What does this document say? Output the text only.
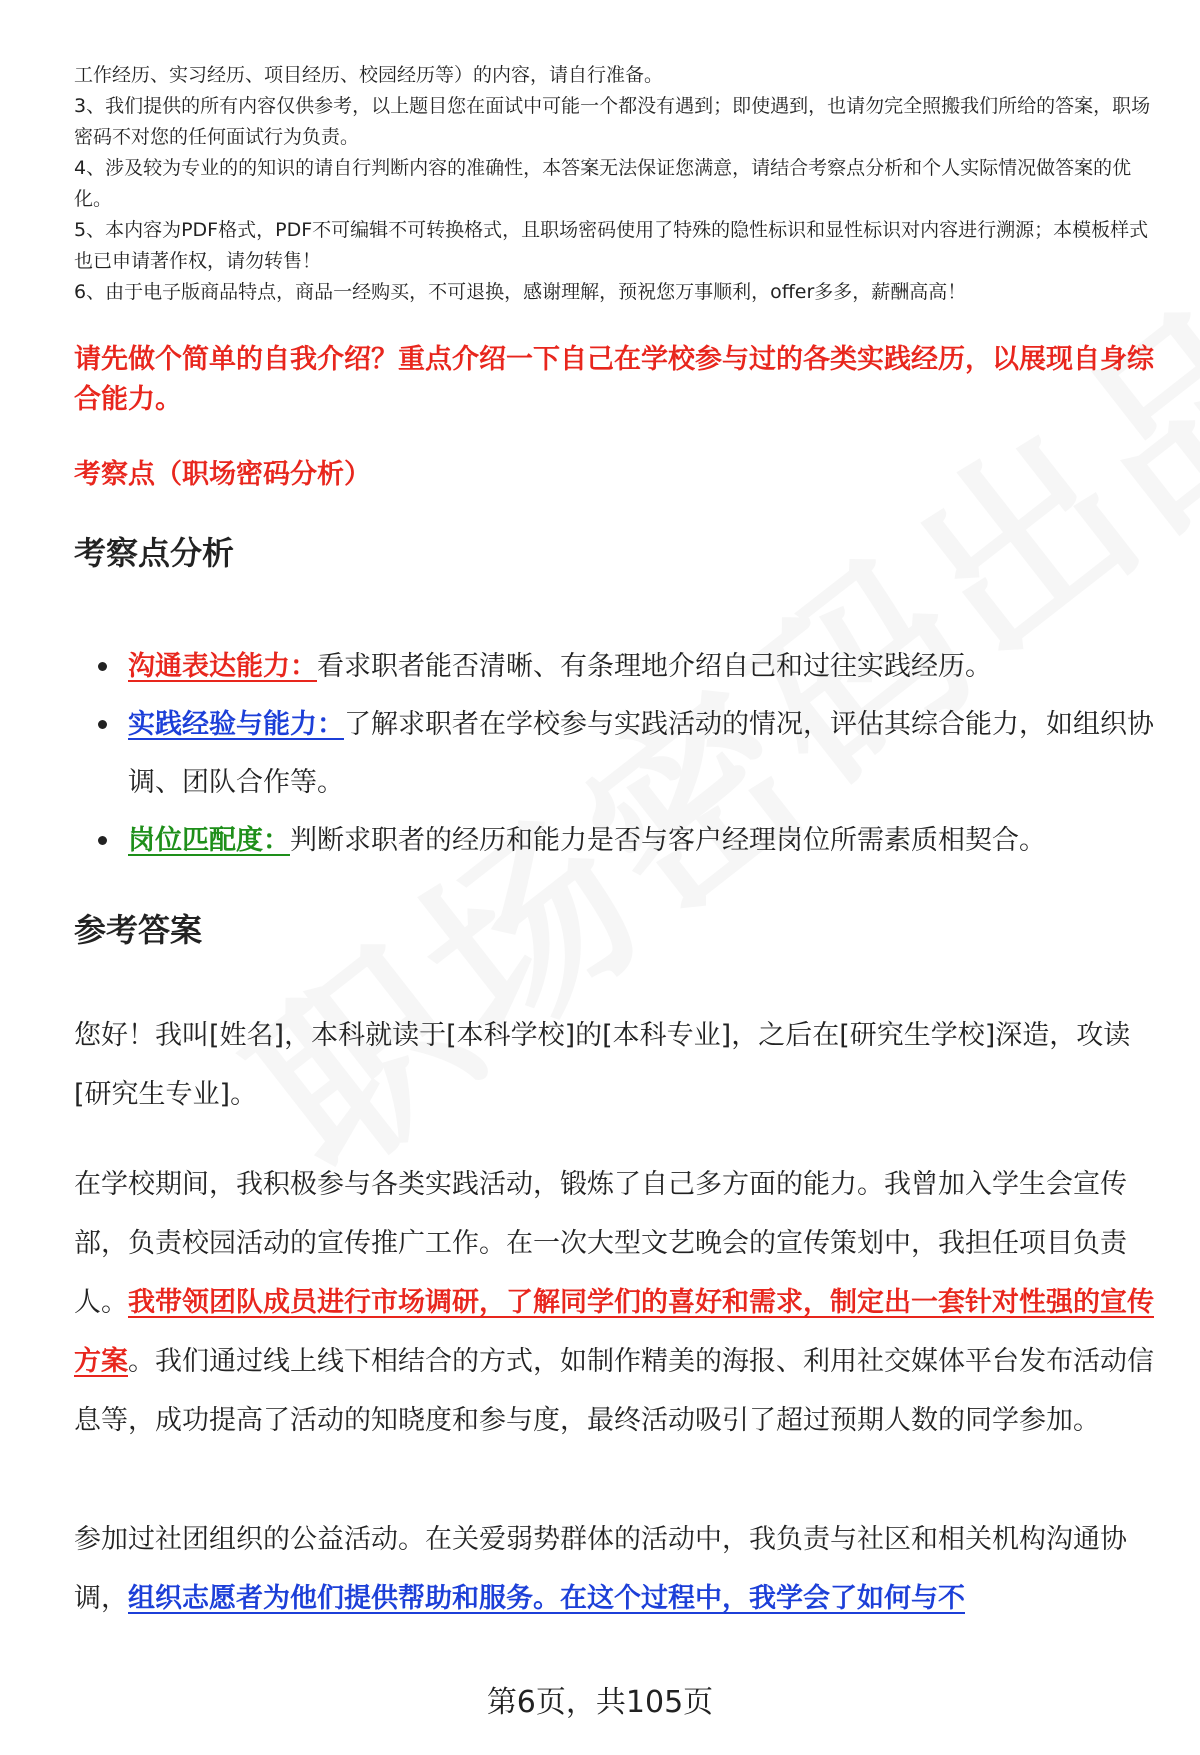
工作经历、实习经历、项目经历、校园经历等）的内容，请自行准备。

3、我们提供的所有内容仅供参考，以上题目您在面试中可能一个都没有遇到；即使遇到，也请勿完全照搬我们所给的答案，职场密码不对您的任何面试行为负责。

4、涉及较为专业的的知识的请自行判断内容的准确性，本答案无法保证您满意，请结合考察点分析和个人实际情况做答案的优化。

5、本内容为PDF格式，PDF不可编辑不可转换格式，且职场密码使用了特殊的隐性标识和显性标识对内容进行溯源；本模板样式也已申请著作权，请勿转售！

6、由于电子版商品特点，商品一经购买，不可退换，感谢理解，预祝您万事顺利，offer多多，薪酬高高！

请先做个简单的自我介绍？重点介绍一下自己在学校参与过的各类实践经历，以展现自身综合能力。
考察点（职场密码分析）
考察点分析
沟通表达能力：看求职者能否清晰、有条理地介绍自己和过往实践经历。
实践经验与能力：了解求职者在学校参与实践活动的情况，评估其综合能力，如组织协调、团队合作等。
岗位匹配度：判断求职者的经历和能力是否与客户经理岗位所需素质相契合。
参考答案

您好！我叫[姓名]，本科就读于[本科学校]的[本科专业]，之后在[研究生学校]深造，攻读[研究生专业]。

在学校期间，我积极参与各类实践活动，锻炼了自己多方面的能力。我曾加入学生会宣传部，负责校园活动的宣传推广工作。在一次大型文艺晚会的宣传策划中，我担任项目负责人。我带领团队成员进行市场调研，了解同学们的喜好和需求，制定出一套针对性强的宣传方案。我们通过线上线下相结合的方式，如制作精美的海报、利用社交媒体平台发布活动信息等，成功提高了活动的知晓度和参与度，最终活动吸引了超过预期人数的同学参加。

参加过社团组织的公益活动。在关爱弱势群体的活动中，我负责与社区和相关机构沟通协调，组织志愿者为他们提供帮助和服务。在这个过程中，我学会了如何与不

第6页，共105页
